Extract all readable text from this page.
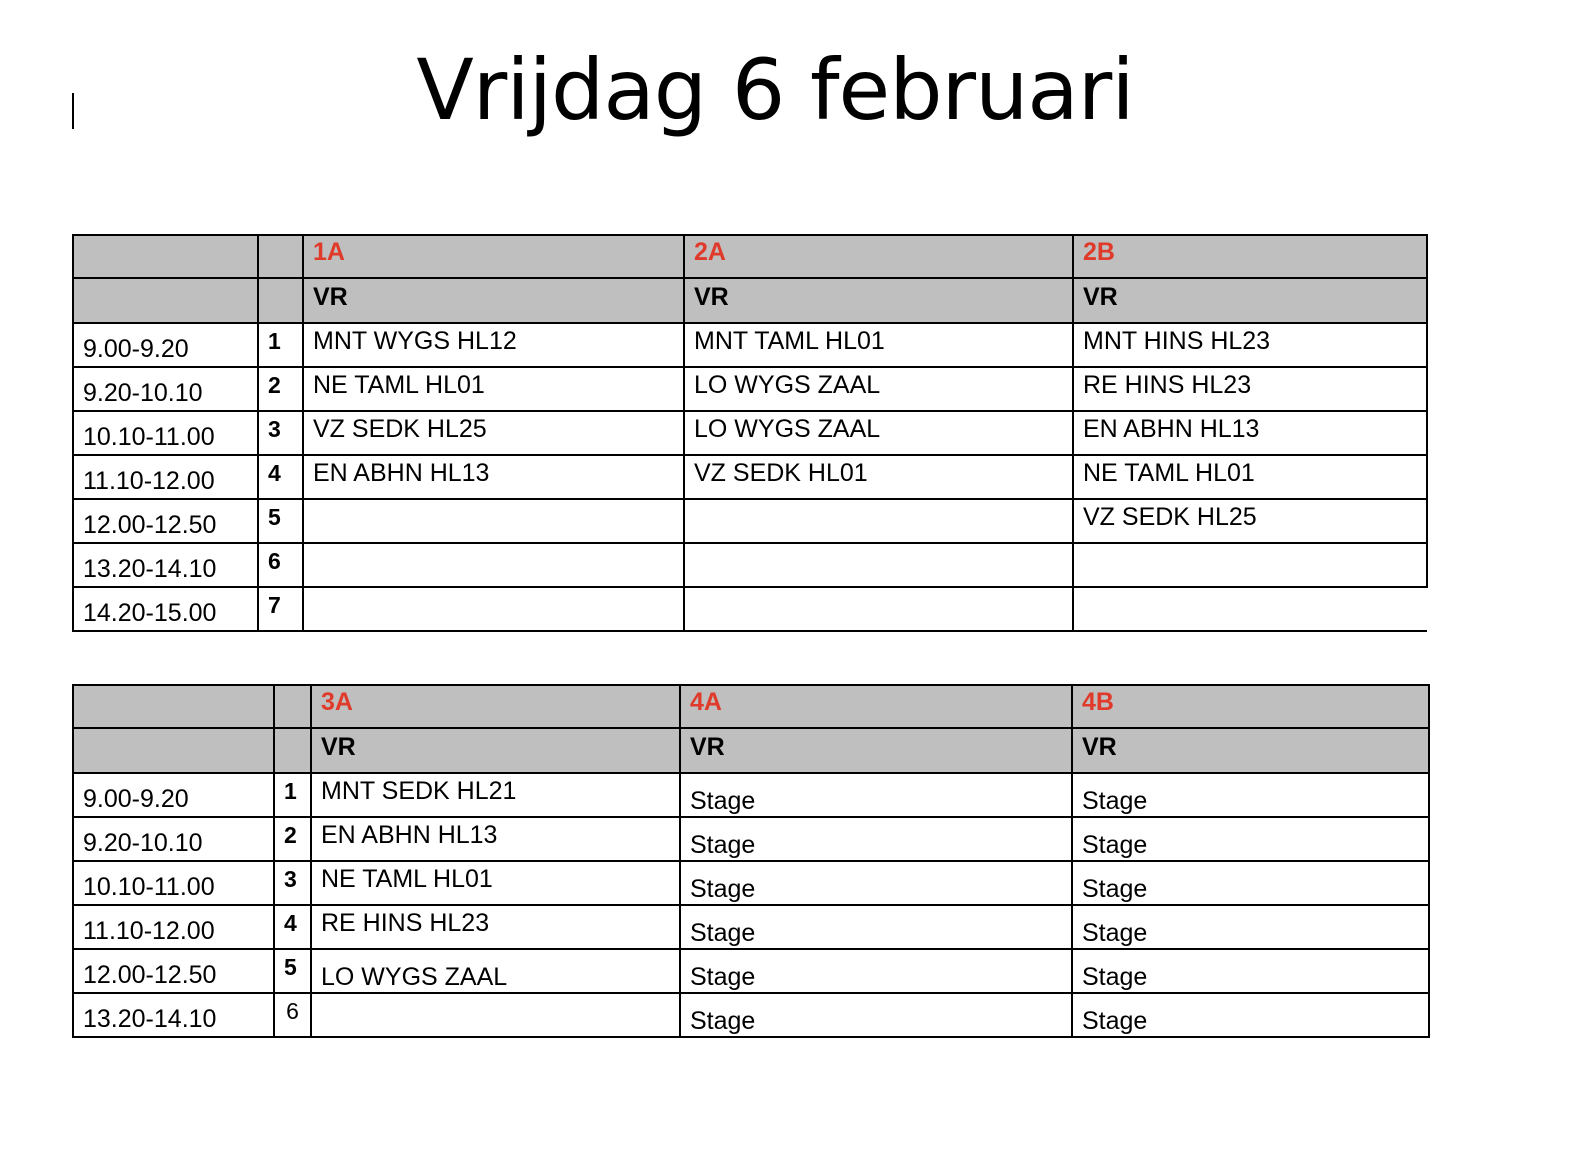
Vrijdag 6 februari
		1A	2A	2B
		VR	VR	VR
9.00-9.20	1	MNT WYGS HL12	MNT TAML HL01	MNT HINS HL23
9.20-10.10	2	NE TAML HL01	LO WYGS ZAAL	RE HINS HL23
10.10-11.00	3	VZ SEDK HL25	LO WYGS ZAAL	EN ABHN HL13
11.10-12.00	4	EN ABHN HL13	VZ SEDK HL01	NE TAML HL01
12.00-12.50	5			VZ SEDK HL25
13.20-14.10	6			
14.20-15.00	7			
		3A	4A	4B
		VR	VR	VR
9.00-9.20	1	MNT SEDK HL21	Stage	Stage
9.20-10.10	2	EN ABHN HL13	Stage	Stage
10.10-11.00	3	NE TAML HL01	Stage	Stage
11.10-12.00	4	RE HINS HL23	Stage	Stage
12.00-12.50	5	LO WYGS ZAAL	Stage	Stage
13.20-14.10	6		Stage	Stage
